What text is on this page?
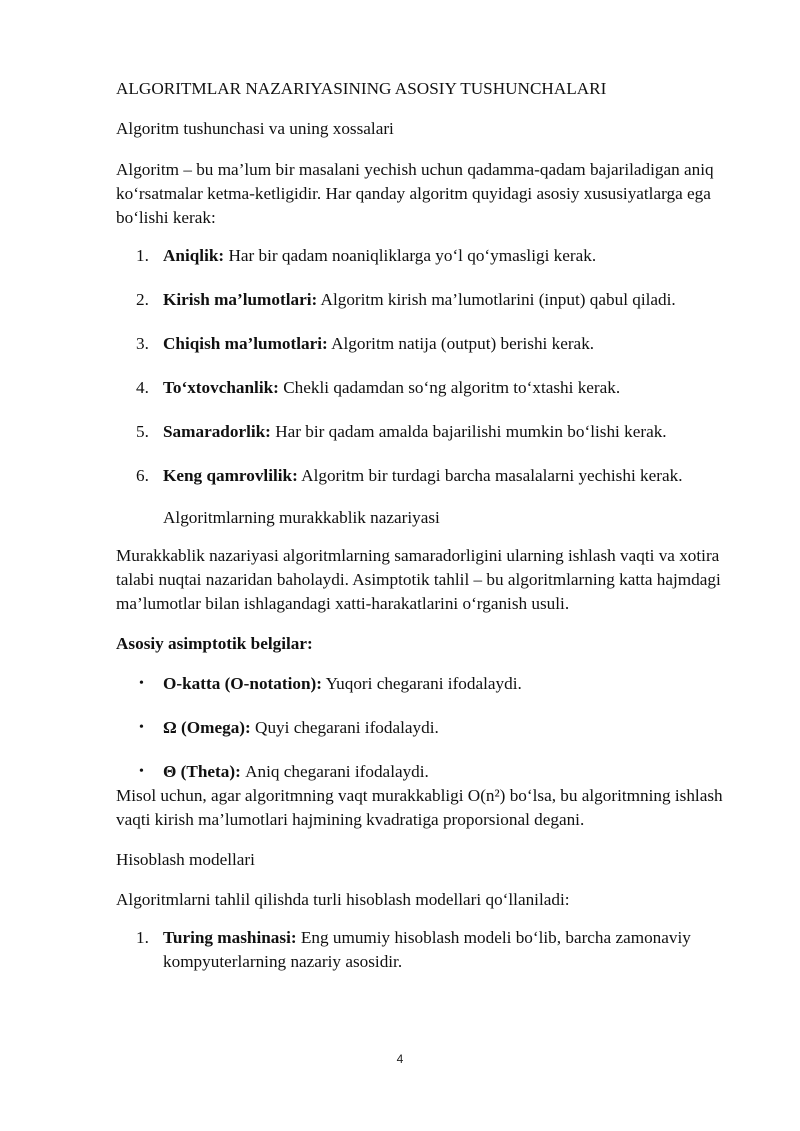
ALGORITMLAR NAZARIYASINING ASOSIY TUSHUNCHALARI

Algoritm tushunchasi va uning xossalari

Algoritm – bu ma’lum bir masalani yechish uchun qadamma-qadam bajariladigan aniq ko‘rsatmalar ketma-ketligidir. Har qanday algoritm quyidagi asosiy xususiyatlarga ega bo‘lishi kerak:

1. Aniqlik: Har bir qadam noaniqliklarga yo‘l qo‘ymasligi kerak.
2. Kirish ma’lumotlari: Algoritm kirish ma’lumotlarini (input) qabul qiladi.
3. Chiqish ma’lumotlari: Algoritm natija (output) berishi kerak.
4. To‘xtovchanlik: Chekli qadamdan so‘ng algoritm to‘xtashi kerak.
5. Samaradorlik: Har bir qadam amalda bajarilishi mumkin bo‘lishi kerak.
6. Keng qamrovlilik: Algoritm bir turdagi barcha masalalarni yechishi kerak.

Algoritmlarning murakkablik nazariyasi

Murakkablik nazariyasi algoritmlarning samaradorligini ularning ishlash vaqti va xotira talabi nuqtai nazaridan baholaydi. Asimptotik tahlil – bu algoritmlarning katta hajmdagi ma’lumotlar bilan ishlagandagi xatti-harakatlarini o‘rganish usuli.

Asosiy asimptotik belgilar:

• O-katta (O-notation): Yuqori chegarani ifodalaydi.
• Ω (Omega): Quyi chegarani ifodalaydi.
• Θ (Theta): Aniq chegarani ifodalaydi.

Misol uchun, agar algoritmning vaqt murakkabligi O(n²) bo‘lsa, bu algoritmning ishlash vaqti kirish ma’lumotlari hajmining kvadratiga proporsional degani.

Hisoblash modellari

Algoritmlarni tahlil qilishda turli hisoblash modellari qo‘llaniladi:

1. Turing mashinasi: Eng umumiy hisoblash modeli bo‘lib, barcha zamonaviy kompyuterlarning nazariy asosidir.
4
